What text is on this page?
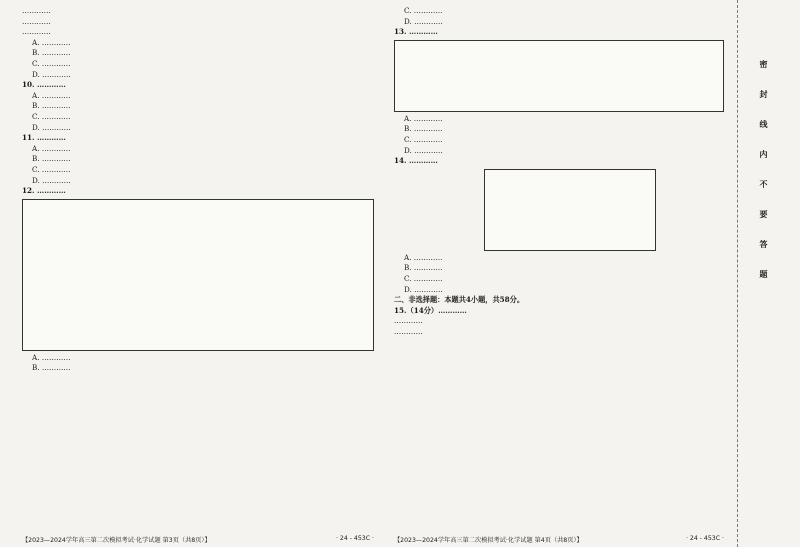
…………
…………
…………
A. …………
B. …………
C. …………
D. …………
10. …………
A. …………
B. …………
C. …………
D. …………
11. …………
A. …………
B. …………
C. …………
D. …………
12. …………
A. …………
B. …………
C. …………
D. …………
13. …………
A. …………
B. …………
C. …………
D. …………
14. …………
A. …………
B. …………
C. …………
D. …………
二、非选择题：本题共4小题，共58分。
15.（14分）…………
…………
…………
【2023—2024学年高三第二次模拟考试·化学试题 第3页（共8页）】	· 24 - 453C ·	【2023—2024学年高三第二次模拟考试·化学试题 第4页（共8页）】	· 24 - 453C ·
密封线内不要答题
